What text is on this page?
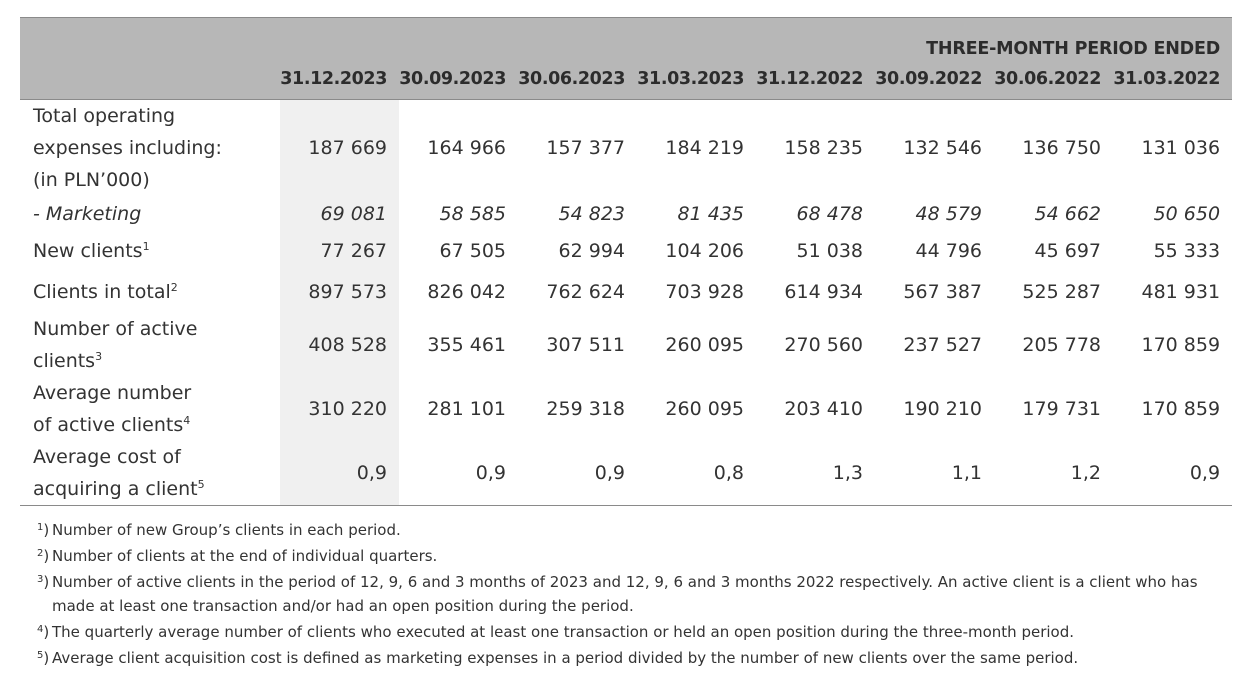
THREE-MONTH PERIOD ENDED								
	31.12.2023	30.09.2023	30.06.2023	31.03.2023	31.12.2022	30.09.2022	30.06.2022	31.03.2022
Total operating
expenses including:
(in PLN’000)	187 669	164 966	157 377	184 219	158 235	132 546	136 750	131 036
- Marketing	69 081	58 585	54 823	81 435	68 478	48 579	54 662	50 650
New clients$^1$	77 267	67 505	62 994	104 206	51 038	44 796	45 697	55 333
Clients in total$^2$	897 573	826 042	762 624	703 928	614 934	567 387	525 287	481 931
Number of active
clients$^3$	408 528	355 461	307 511	260 095	270 560	237 527	205 778	170 859
Average number
of active clients$^4$	310 220	281 101	259 318	260 095	203 410	190 210	179 731	170 859
Average cost of
acquiring a client$^5$	0,9	0,9	0,9	0,8	1,3	1,1	1,2	0,9
$^1$) Number of new Group’s clients in each period.
$^2$) Number of clients at the end of individual quarters.
$^3$) Number of active clients in the period of 12, 9, 6 and 3 months of 2023 and 12, 9, 6 and 3 months 2022 respectively. An active client is a client who has made at least one transaction and/or had an open position during the period.
$^4$) The quarterly average number of clients who executed at least one transaction or held an open position during the three-month period.
$^5$) Average client acquisition cost is defined as marketing expenses in a period divided by the number of new clients over the same period.
